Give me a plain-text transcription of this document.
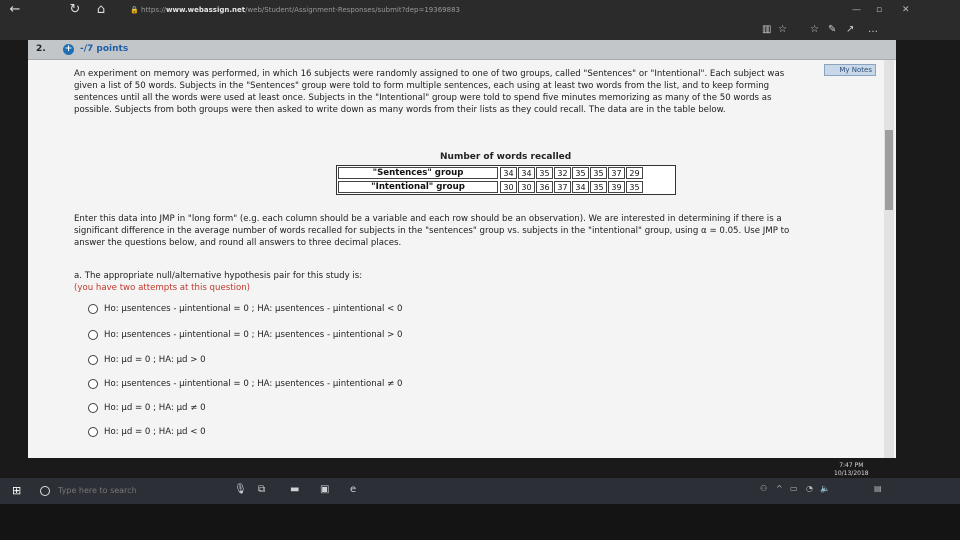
←	↻	⌂	🔒 https://www.webassign.net/web/Student/Assignment-Responses/submit?dep=19369883	— ▫ ✕
▥ ☆ ☆ ✎ ↗ …
2. + -/7 points
My Notes
An experiment on memory was performed, in which 16 subjects were randomly assigned to one of two groups, called "Sentences" or "Intentional". Each subject was
given a list of 50 words. Subjects in the "Sentences" group were told to form multiple sentences, each using at least two words from the list, and to keep forming
sentences until all the words were used at least once. Subjects in the "Intentional" group were told to spend five minutes memorizing as many of the 50 words as
possible. Subjects from both groups were then asked to write down as many words from their lists as they could recall. The data are in the table below.
Number of words recalled
"Sentences" group	34 34 35 32 35 35 37 29
"Intentional" group	30 30 36 37 34 35 39 35
Enter this data into JMP in "long form" (e.g. each column should be a variable and each row should be an observation). We are interested in determining if there is a
significant difference in the average number of words recalled for subjects in the "sentences" group vs. subjects in the "intentional" group, using α = 0.05. Use JMP to
answer the questions below, and round all answers to three decimal places.
a. The appropriate null/alternative hypothesis pair for this study is:
(you have two attempts at this question)
Ho: μsentences - μintentional = 0 ; HA: μsentences - μintentional < 0
Ho: μsentences - μintentional = 0 ; HA: μsentences - μintentional > 0
Ho: μd = 0 ; HA: μd > 0
Ho: μsentences - μintentional = 0 ; HA: μsentences - μintentional ≠ 0
Ho: μd = 0 ; HA: μd ≠ 0
Ho: μd = 0 ; HA: μd < 0
7:47 PM
10/13/2018
⊞	Type here to search	🎙 ⧉ ▬ ▣ e	⚇ ^ ▭ ◔ 🔈	▤
